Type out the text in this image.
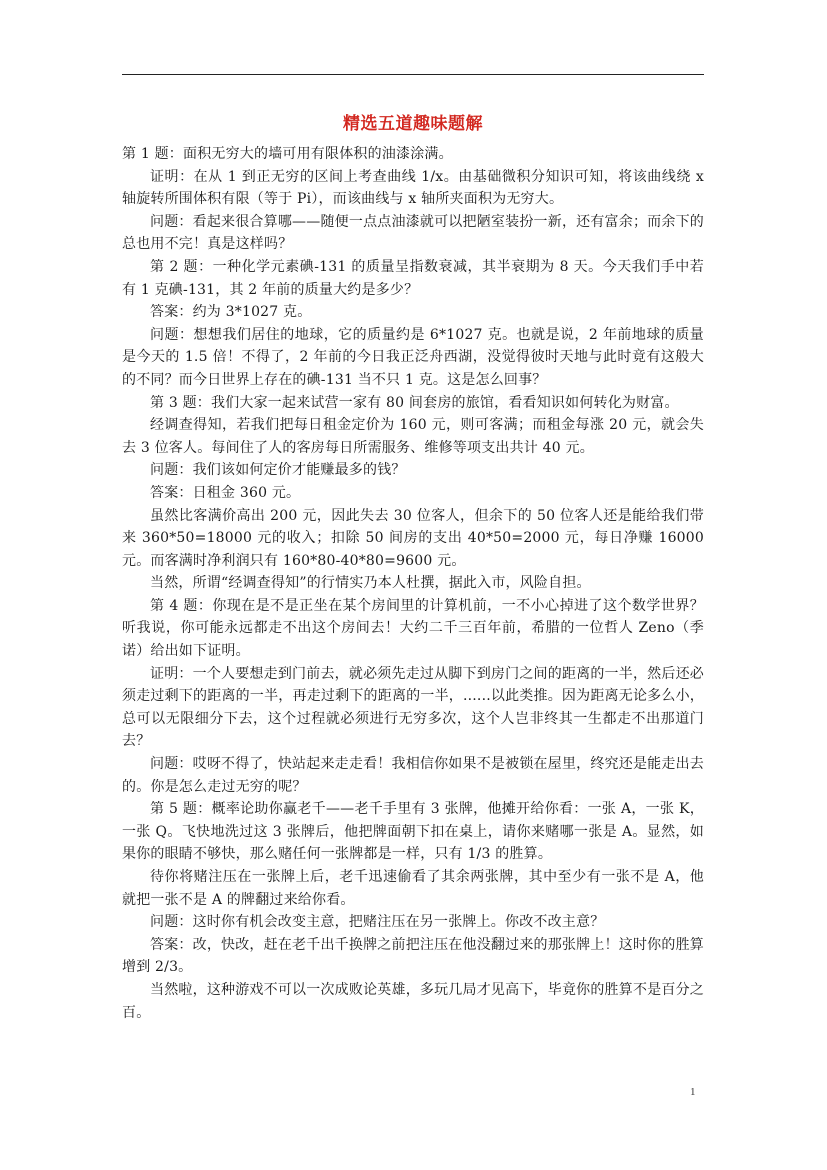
精选五道趣味题解

第 1 题：面积无穷大的墙可用有限体积的油漆涂满。

证明：在从 1 到正无穷的区间上考查曲线 1/x。由基础微积分知识可知，将该曲线绕 x 轴旋转所围体积有限（等于 Pi），而该曲线与 x 轴所夹面积为无穷大。

问题：看起来很合算哪——随便一点点油漆就可以把陋室装扮一新，还有富余；而余下的总也用不完！真是这样吗？

第 2 题：一种化学元素碘-131 的质量呈指数衰减，其半衰期为 8 天。今天我们手中若有 1 克碘-131，其 2 年前的质量大约是多少？

答案：约为 3*1027 克。

问题：想想我们居住的地球，它的质量约是 6*1027 克。也就是说，2 年前地球的质量是今天的 1.5 倍！不得了，2 年前的今日我正泛舟西湖，没觉得彼时天地与此时竟有这般大的不同？而今日世界上存在的碘-131 当不只 1 克。这是怎么回事？

第 3 题：我们大家一起来试营一家有 80 间套房的旅馆，看看知识如何转化为财富。

经调查得知，若我们把每日租金定价为 160 元，则可客满；而租金每涨 20 元，就会失去 3 位客人。每间住了人的客房每日所需服务、维修等项支出共计 40 元。

问题：我们该如何定价才能赚最多的钱？

答案：日租金 360 元。

虽然比客满价高出 200 元，因此失去 30 位客人，但余下的 50 位客人还是能给我们带来 360*50=18000 元的收入；扣除 50 间房的支出 40*50=2000 元，每日净赚 16000 元。而客满时净利润只有 160*80-40*80=9600 元。

当然，所谓“经调查得知”的行情实乃本人杜撰，据此入市，风险自担。

第 4 题：你现在是不是正坐在某个房间里的计算机前，一不小心掉进了这个数学世界？听我说，你可能永远都走不出这个房间去！大约二千三百年前，希腊的一位哲人 Zeno（季诺）给出如下证明。

证明：一个人要想走到门前去，就必须先走过从脚下到房门之间的距离的一半，然后还必须走过剩下的距离的一半，再走过剩下的距离的一半，......以此类推。因为距离无论多么小，总可以无限细分下去，这个过程就必须进行无穷多次，这个人岂非终其一生都走不出那道门去？

问题：哎呀不得了，快站起来走走看！我相信你如果不是被锁在屋里，终究还是能走出去的。你是怎么走过无穷的呢？

第 5 题：概率论助你赢老千——老千手里有 3 张牌，他摊开给你看：一张 A，一张 K，一张 Q。飞快地洗过这 3 张牌后，他把牌面朝下扣在桌上，请你来赌哪一张是 A。显然，如果你的眼睛不够快，那么赌任何一张牌都是一样，只有 1/3 的胜算。

待你将赌注压在一张牌上后，老千迅速偷看了其余两张牌，其中至少有一张不是 A，他就把一张不是 A 的牌翻过来给你看。

问题：这时你有机会改变主意，把赌注压在另一张牌上。你改不改主意？

答案：改，快改，赶在老千出千换牌之前把注压在他没翻过来的那张牌上！这时你的胜算增到 2/3。

当然啦，这种游戏不可以一次成败论英雄，多玩几局才见高下，毕竟你的胜算不是百分之百。

1
